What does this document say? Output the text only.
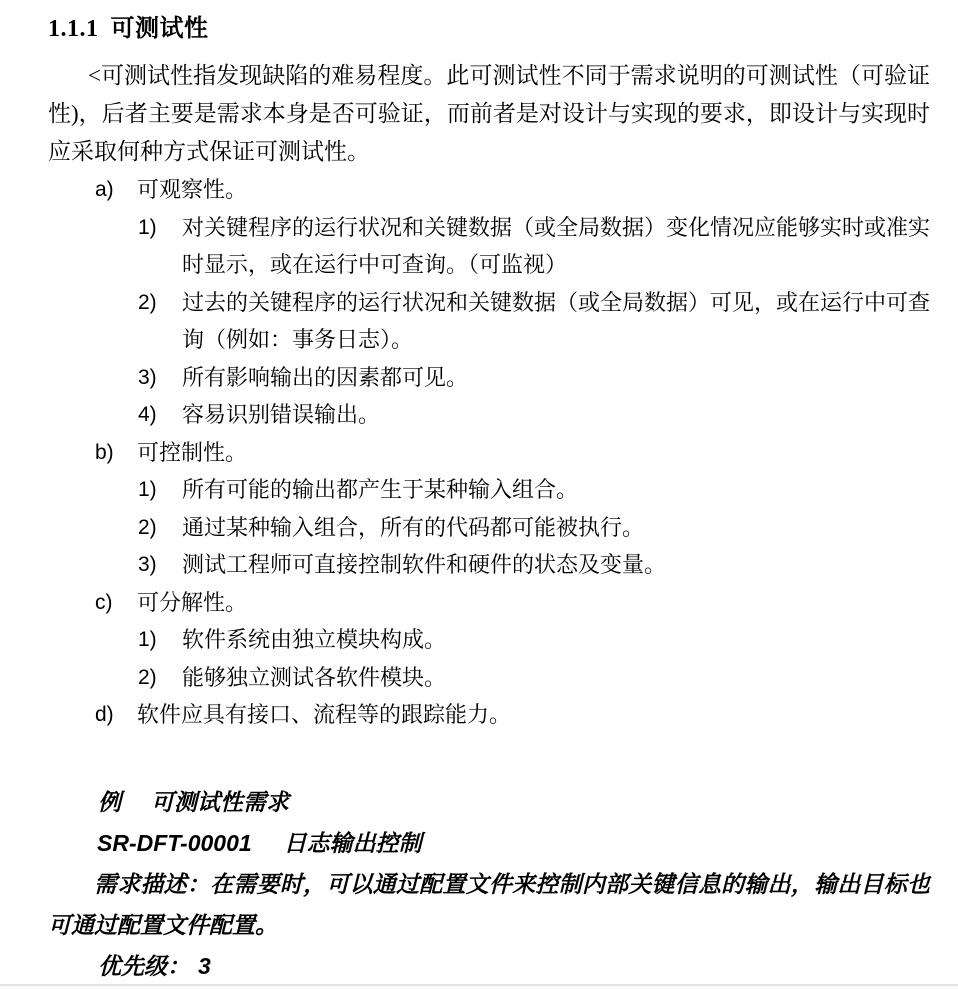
1.1.1 可测试性

<可测试性指发现缺陷的难易程度。此可测试性不同于需求说明的可测试性（可验证性)，后者主要是需求本身是否可验证，而前者是对设计与实现的要求，即设计与实现时应采取何种方式保证可测试性。

a)	可观察性。
1)	对关键程序的运行状况和关键数据（或全局数据）变化情况应能够实时或准实时显示，或在运行中可查询。（可监视）
2)	过去的关键程序的运行状况和关键数据（或全局数据）可见，或在运行中可查询（例如：事务日志）。
3)	所有影响输出的因素都可见。
4)	容易识别错误输出。
b)	可控制性。
1)	所有可能的输出都产生于某种输入组合。
2)	通过某种输入组合，所有的代码都可能被执行。
3)	测试工程师可直接控制软件和硬件的状态及变量。
c)	可分解性。
1)	软件系统由独立模块构成。
2)	能够独立测试各软件模块。
d)	软件应具有接口、流程等的跟踪能力。
例 可测试性需求
SR-DFT-00001 日志输出控制

需求描述：在需要时，可以通过配置文件来控制内部关键信息的输出，输出目标也可通过配置文件配置。

优先级： 3
